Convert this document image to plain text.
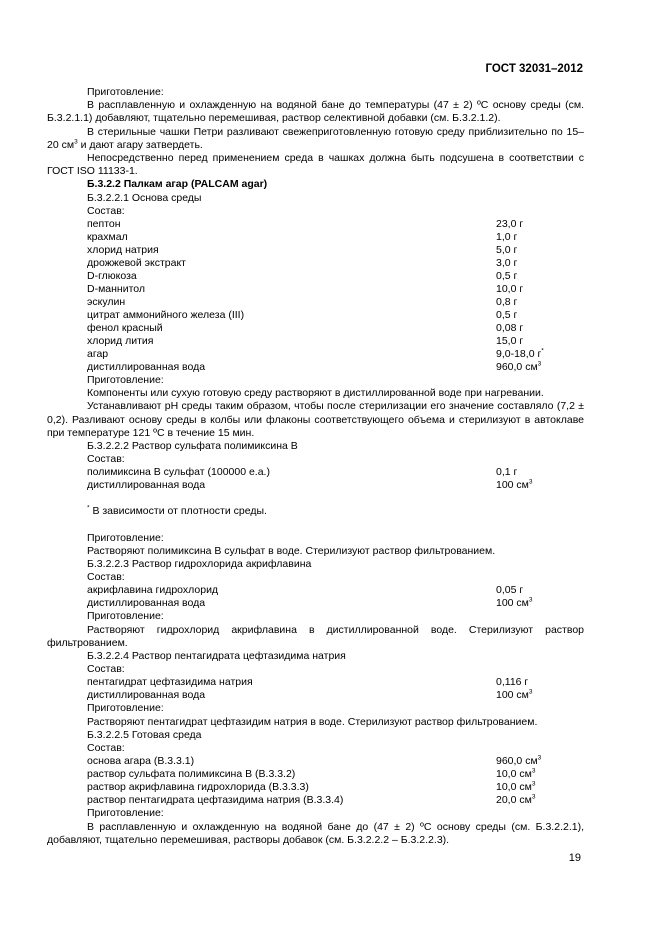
ГОСТ 32031–2012

Приготовление:

В расплавленную и охлажденную на водяной бане до температуры (47 ± 2) ºС основу среды (см. Б.3.2.1.1) добавляют, тщательно перемешивая, раствор селективной добавки (см. Б.3.2.1.2).

В стерильные чашки Петри разливают свежеприготовленную готовую среду приблизительно по 15–20 $см^3$ и дают агару затвердеть.

Непосредственно перед применением среда в чашках должна быть подсушена в соответствии с ГОСТ ISO 11133-1.

Б.3.2.2 Палкам агар (PALCAM agar)

Б.3.2.2.1 Основа среды

Состав:

пептон	23,0 г
крахмал	1,0 г
хлорид натрия	5,0 г
дрожжевой экстракт	3,0 г
D-глюкоза	0,5 г
D-маннитол	10,0 г
эскулин	0,8 г
цитрат аммонийного железа (III)	0,5 г
фенол красный	0,08 г
хлорид лития	15,0 г
агар	9,0-18,0 г*
дистиллированная вода	960,0 $см^3$

Приготовление:

Компоненты или сухую готовую среду растворяют в дистиллированной воде при нагревании.

Устанавливают pH среды таким образом, чтобы после стерилизации его значение составляло (7,2 ± 0,2). Разливают основу среды в колбы или флаконы соответствующего объема и стерилизуют в автоклаве при температуре 121 ºС в течение 15 мин.

Б.3.2.2.2 Раствор сульфата полимиксина В

Состав:

полимиксина В сульфат (100000 е.а.)	0,1 г
дистиллированная вода	100 $см^3$

* В зависимости от плотности среды.

Приготовление:

Растворяют полимиксина В сульфат в воде. Стерилизуют раствор фильтрованием.

Б.3.2.2.3 Раствор гидрохлорида акрифлавина

Состав:

акрифлавина гидрохлорид	0,05 г
дистиллированная вода	100 $см^3$

Приготовление:

Растворяют гидрохлорид акрифлавина в дистиллированной воде. Стерилизуют раствор фильтрованием.

Б.3.2.2.4 Раствор пентагидрата цефтазидима натрия

Состав:

пентагидрат цефтазидима натрия	0,116 г
дистиллированная вода	100 $см^3$

Приготовление:

Растворяют пентагидрат цефтазидим натрия в воде. Стерилизуют раствор фильтрованием.

Б.3.2.2.5 Готовая среда

Состав:

основа агара (В.3.3.1)	960,0 $см^3$
раствор сульфата полимиксина В (В.3.3.2)	10,0 $см^3$
раствор акрифлавина гидрохлорида (В.3.3.3)	10,0 $см^3$
раствор пентагидрата цефтазидима натрия (В.3.3.4)	20,0 $см^3$

Приготовление:

В расплавленную и охлажденную на водяной бане до (47 ± 2) ºС основу среды (см. Б.3.2.2.1), добавляют, тщательно перемешивая, растворы добавок (см. Б.3.2.2.2 – Б.3.2.2.3).

19
